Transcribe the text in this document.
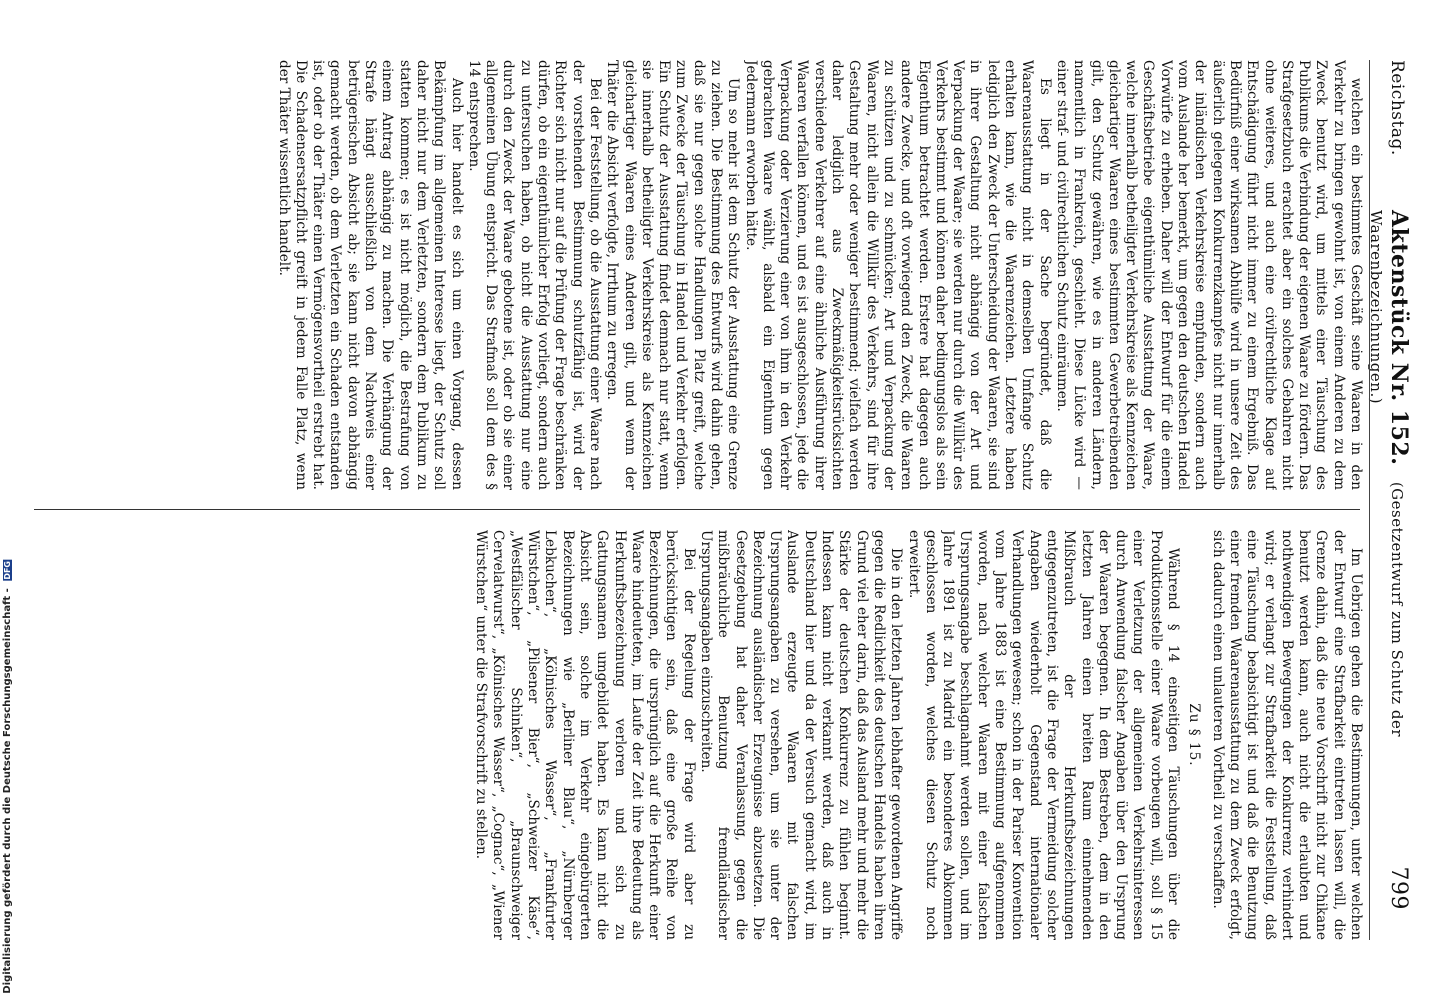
Reichstag.
Aktenstück Nr. 152. (Gesetzentwurf zum Schutz der Waarenbezeichnungen.)
799

welchen ein bestimmtes Geschäft seine Waaren in den Verkehr zu bringen gewohnt ist, von einem Anderen zu dem Zweck benutzt wird, um mittels einer Täuschung des Publikums die Verbindung der eigenen Waare zu fördern. Das Strafgesetzbuch erachtet aber ein solches Gebahren nicht ohne weiteres, und auch eine civilrechtliche Klage auf Entschädigung führt nicht immer zu einem Ergebniß. Das Bedürfniß einer wirksamen Abhülfe wird in unsere Zeit des äußerlich gelegenen Konkurrenzkampfes nicht nur innerhalb der inländischen Verkehrskreise empfunden, sondern auch vom Auslande her bemerkt, um gegen den deutschen Handel Vorwürfe zu erheben. Daher will der Entwurf für die einem Geschäftsbetriebe eigenthümliche Ausstattung der Waare, welche innerhalb betheiligter Verkehrskreise als Kennzeichen gleichartiger Waaren eines bestimmten Gewerbetreibenden gilt, den Schutz gewähren, wie es in anderen Ländern, namentlich in Frankreich, geschieht. Diese Lücke wird — einer straf- und civilrechtlichen Schutz einräumen.

Es liegt in der Sache begründet, daß die Waarenausstattung nicht in demselben Umfange Schutz erhalten kann, wie die Waarenzeichen. Letztere haben lediglich den Zweck der Unterscheidung der Waaren, sie sind in ihrer Gestaltung nicht abhängig von der Art und Verpackung der Waare; sie werden nur durch die Willkür des Verkehrs bestimmt und können daher bedingungslos als sein Eigenthum betrachtet werden. Erstere hat dagegen auch andere Zwecke, und oft vorwiegend den Zweck, die Waaren zu schützen und zu schmücken; Art und Verpackung der Waaren, nicht allein die Willkür des Verkehrs, sind für ihre Gestaltung mehr oder weniger bestimmend; vielfach werden daher lediglich aus Zweckmäßigkeitsrücksichten verschiedene Verkehrer auf eine ähnliche Ausführung ihrer Waaren verfallen können, und es ist ausgeschlossen, jede die Verpackung oder Verzierung einer von ihm in den Verkehr gebrachten Waare wählt, alsbald ein Eigenthum gegen Jedermann erworben hätte.

Um so mehr ist dem Schutz der Ausstattung eine Grenze zu ziehen. Die Bestimmung des Entwurfs wird dahin gehen, daß sie nur gegen solche Handlungen Platz greift, welche zum Zwecke der Täuschung in Handel und Verkehr erfolgen. Ein Schutz der Ausstattung findet demnach nur statt, wenn sie innerhalb betheiligter Verkehrskreise als Kennzeichen gleichartiger Waaren eines Anderen gilt, und wenn der Thäter die Absicht verfolgte, Irrthum zu erregen.

Bei der Feststellung, ob die Ausstattung einer Waare nach der vorstehenden Bestimmung schutzfähig ist, wird der Richter sich nicht nur auf die Prüfung der Frage beschränken dürfen, ob ein eigenthümlicher Erfolg vorliegt, sondern auch zu untersuchen haben, ob nicht die Ausstattung nur eine durch den Zweck der Waare gebotene ist, oder ob sie einer allgemeinen Übung entspricht. Das Strafmaß soll dem des § 14 entsprechen.

Auch hier handelt es sich um einen Vorgang, dessen Bekämpfung im allgemeinen Interesse liegt, der Schutz soll daher nicht nur dem Verletzten, sondern dem Publikum zu statten kommen; es ist nicht möglich, die Bestrafung von einem Antrag abhängig zu machen. Die Verhängung der Strafe hängt ausschließlich von dem Nachweis einer betrügerischen Absicht ab; sie kann nicht davon abhängig gemacht werden, ob dem Verletzten ein Schaden entstanden ist, oder ob der Thäter einen Vermögensvortheil erstrebt hat. Die Schadensersatzpflicht greift in jedem Falle Platz, wenn der Thäter wissentlich handelt.

Im Uebrigen gehen die Bestimmungen, unter welchen der Entwurf eine Strafbarkeit eintreten lassen will, die Grenze dahin, daß die neue Vorschrift nicht zur Chikane benutzt werden kann, auch nicht die erlaubten und nothwendigen Bewegungen der Konkurrenz verhindert wird; er verlangt zur Strafbarkeit die Feststellung, daß eine Täuschung beabsichtigt ist und daß die Benutzung einer fremden Waarenausstattung zu dem Zweck erfolgt, sich dadurch einen unlauteren Vortheil zu verschaffen.

Zu § 15.

Während § 14 einseitigen Täuschungen über die Produktionsstelle einer Waare vorbeugen will, soll § 15 einer Verletzung der allgemeinen Verkehrsinteressen durch Anwendung falscher Angaben über den Ursprung der Waaren begegnen. In dem Bestreben, dem in den letzten Jahren einen breiten Raum einnehmenden Mißbrauch der Herkunftsbezeichnungen entgegenzutreten, ist die Frage der Vermeidung solcher Angaben wiederholt Gegenstand internationaler Verhandlungen gewesen; schon in der Pariser Konvention vom Jahre 1883 ist eine Bestimmung aufgenommen worden, nach welcher Waaren mit einer falschen Ursprungsangabe beschlagnahmt werden sollen, und im Jahre 1891 ist zu Madrid ein besonderes Abkommen geschlossen worden, welches diesen Schutz noch erweitert.

Die in den letzten Jahren lebhafter gewordenen Angriffe gegen die Redlichkeit des deutschen Handels haben ihren Grund viel eher darin, daß das Ausland mehr und mehr die Stärke der deutschen Konkurrenz zu fühlen beginnt. Indessen kann nicht verkannt werden, daß auch in Deutschland hier und da der Versuch gemacht wird, im Auslande erzeugte Waaren mit falschen Ursprungsangaben zu versehen, um sie unter der Bezeichnung ausländischer Erzeugnisse abzusetzen. Die Gesetzgebung hat daher Veranlassung, gegen die mißbräuchliche Benutzung fremdländischer Ursprungsangaben einzuschreiten.

Bei der Regelung der Frage wird aber zu berücksichtigen sein, daß eine große Reihe von Bezeichnungen, die ursprünglich auf die Herkunft einer Waare hindeuteten, im Laufe der Zeit ihre Bedeutung als Herkunftsbezeichnung verloren und sich zu Gattungsnamen umgebildet haben. Es kann nicht die Absicht sein, solche im Verkehr eingebürgerten Bezeichnungen wie „Berliner Blau“, „Nürnberger Lebkuchen“, „Kölnisches Wasser“, „Frankfurter Würstchen“, „Pilsener Bier“, „Schweizer Käse“, „Westfälischer Schinken“, „Braunschweiger Cervelatwurst“, „Kölnisches Wasser“, „Cognac“, „Wiener Würstchen“ unter die Strafvorschrift zu stellen.

Digitalisierung gefördert durch die Deutsche Forschungsgemeinschaft - DFG
